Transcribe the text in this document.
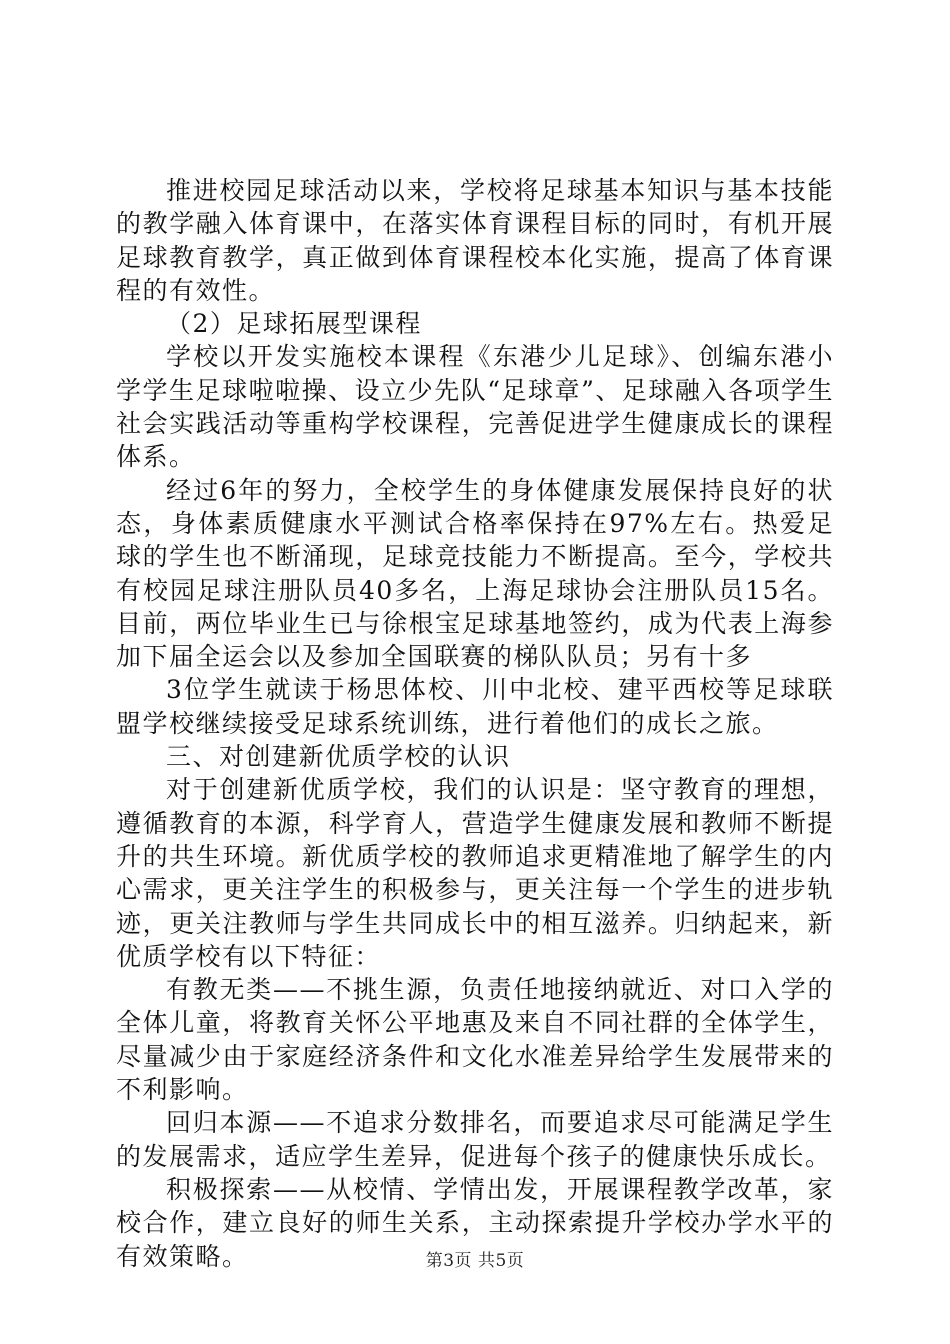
推进校园足球活动以来，学校将足球基本知识与基本技能的教学融入体育课中，在落实体育课程目标的同时，有机开展足球教育教学，真正做到体育课程校本化实施，提高了体育课程的有效性。

（2）足球拓展型课程

学校以开发实施校本课程《东港少儿足球》、创编东港小学学生足球啦啦操、设立少先队“足球章”、足球融入各项学生社会实践活动等重构学校课程，完善促进学生健康成长的课程体系。

经过6年的努力，全校学生的身体健康发展保持良好的状态，身体素质健康水平测试合格率保持在97%左右。热爱足球的学生也不断涌现，足球竞技能力不断提高。至今，学校共有校园足球注册队员40多名，上海足球协会注册队员15名。目前，两位毕业生已与徐根宝足球基地签约，成为代表上海参加下届全运会以及参加全国联赛的梯队队员；另有十多

3位学生就读于杨思体校、川中北校、建平西校等足球联盟学校继续接受足球系统训练，进行着他们的成长之旅。

三、对创建新优质学校的认识

对于创建新优质学校，我们的认识是：坚守教育的理想，遵循教育的本源，科学育人，营造学生健康发展和教师不断提升的共生环境。新优质学校的教师追求更精准地了解学生的内心需求，更关注学生的积极参与，更关注每一个学生的进步轨迹，更关注教师与学生共同成长中的相互滋养。归纳起来，新优质学校有以下特征：

有教无类——不挑生源，负责任地接纳就近、对口入学的全体儿童，将教育关怀公平地惠及来自不同社群的全体学生，尽量减少由于家庭经济条件和文化水准差异给学生发展带来的不利影响。

回归本源——不追求分数排名，而要追求尽可能满足学生的发展需求，适应学生差异，促进每个孩子的健康快乐成长。

积极探索——从校情、学情出发，开展课程教学改革，家校合作，建立良好的师生关系，主动探索提升学校办学水平的有效策略。	第3页 共5页
